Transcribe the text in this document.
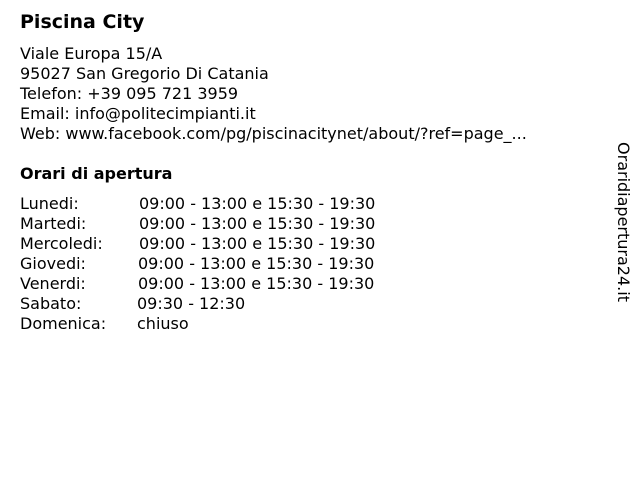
Piscina City
Viale Europa 15/A
95027 San Gregorio Di Catania
Telefon: +39 095 721 3959
Email: info@politecimpianti.it
Web: www.facebook.com/pg/piscinacitynet/about/?ref=page_...
Orari di apertura
Lunedi:	09:00 - 13:00 e 15:30 - 19:30
Martedi:	09:00 - 13:00 e 15:30 - 19:30
Mercoledi: 09:00 - 13:00 e 15:30 - 19:30
Giovedi:	09:00 - 13:00 e 15:30 - 19:30
Venerdi:	09:00 - 13:00 e 15:30 - 19:30
Sabato:	09:30 - 12:30
Domenica: chiuso
Oraridiapertura24.it
